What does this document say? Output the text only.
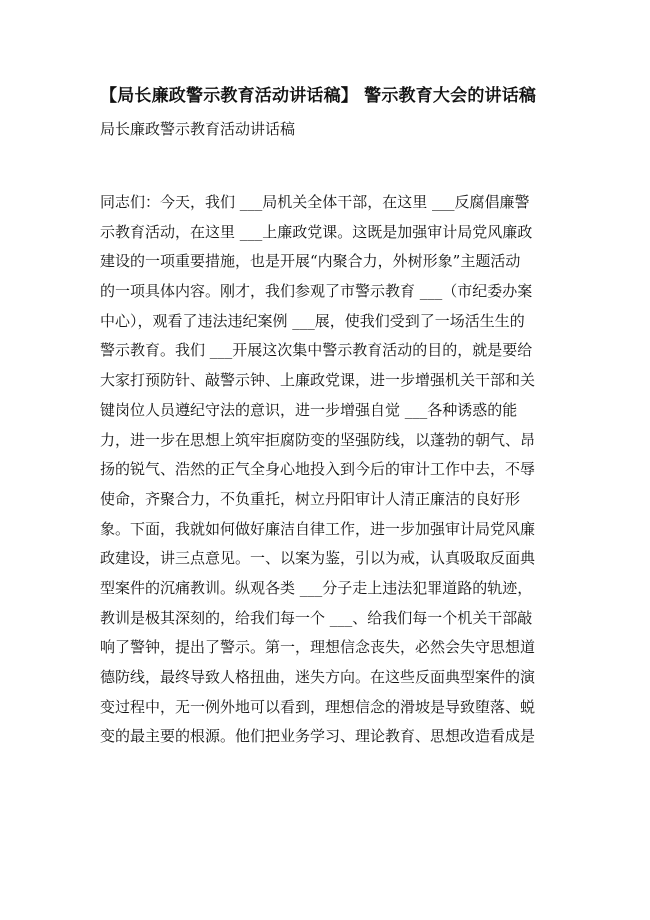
【局长廉政警示教育活动讲话稿】 警示教育大会的讲话稿
局长廉政警示教育活动讲话稿
同志们：今天，我们 ___局机关全体干部，在这里 ___反腐倡廉警
示教育活动，在这里 ___上廉政党课。这既是加强审计局党风廉政
建设的一项重要措施，也是开展“内聚合力，外树形象”主题活动
的一项具体内容。刚才，我们参观了市警示教育 ___（市纪委办案
中心），观看了违法违纪案例 ___展，使我们受到了一场活生生的
警示教育。我们 ___开展这次集中警示教育活动的目的，就是要给
大家打预防针、敲警示钟、上廉政党课，进一步增强机关干部和关
键岗位人员遵纪守法的意识，进一步增强自觉 ___各种诱惑的能
力，进一步在思想上筑牢拒腐防变的坚强防线，以蓬勃的朝气、昂
扬的锐气、浩然的正气全身心地投入到今后的审计工作中去，不辱
使命，齐聚合力，不负重托，树立丹阳审计人清正廉洁的良好形
象。下面，我就如何做好廉洁自律工作，进一步加强审计局党风廉
政建设，讲三点意见。一、以案为鉴，引以为戒，认真吸取反面典
型案件的沉痛教训。纵观各类 ___分子走上违法犯罪道路的轨迹，
教训是极其深刻的，给我们每一个 ___、给我们每一个机关干部敲
响了警钟，提出了警示。第一，理想信念丧失，必然会失守思想道
德防线，最终导致人格扭曲，迷失方向。在这些反面典型案件的演
变过程中，无一例外地可以看到，理想信念的滑坡是导致堕落、蜕
变的最主要的根源。他们把业务学习、理论教育、思想改造看成是
